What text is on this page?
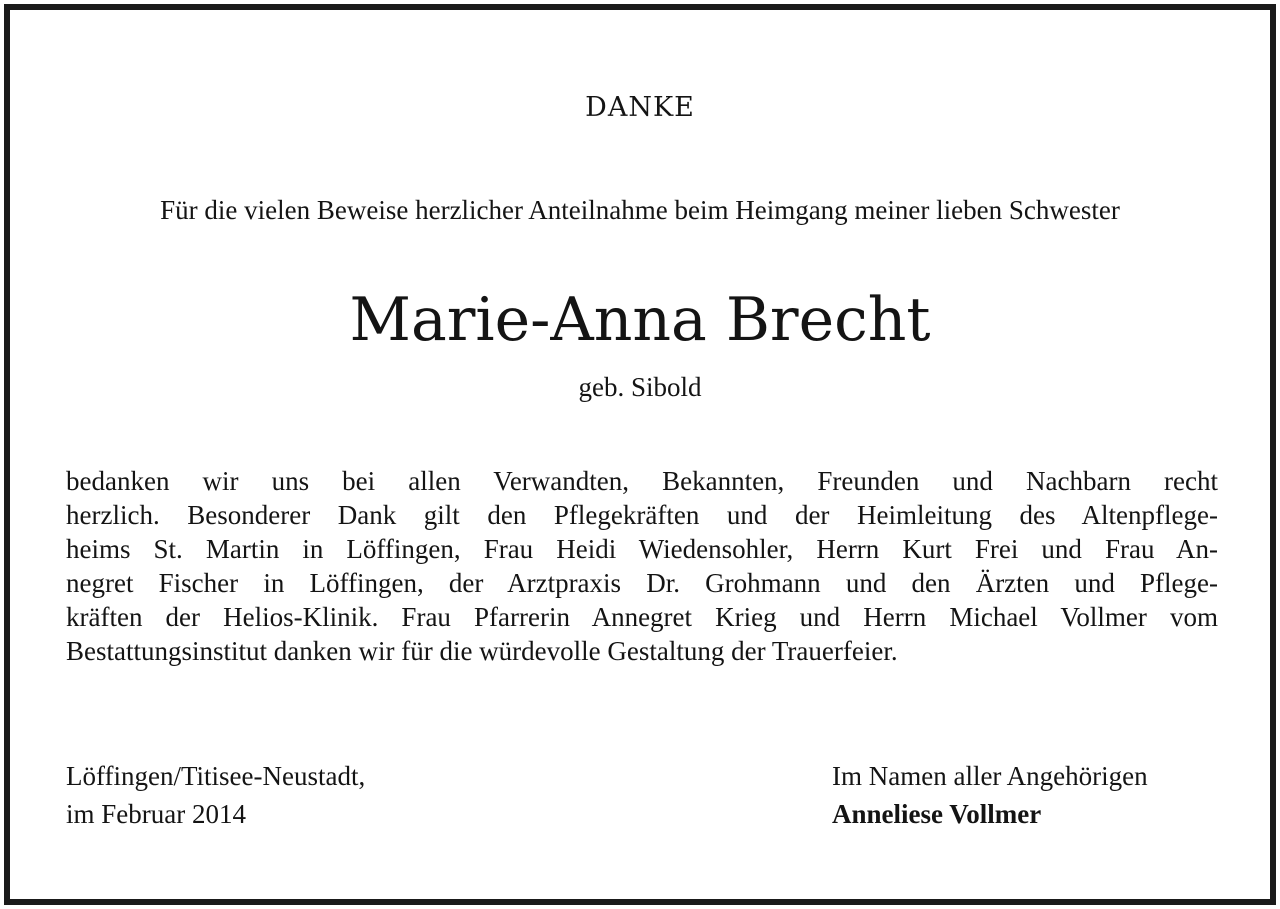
DANKE
Für die vielen Beweise herzlicher Anteilnahme beim Heimgang meiner lieben Schwester
Marie-Anna Brecht
geb. Sibold
bedanken wir uns bei allen Verwandten, Bekannten, Freunden und Nachbarn recht
herzlich. Besonderer Dank gilt den Pflegekräften und der Heimleitung des Altenpflege-
heims St. Martin in Löffingen, Frau Heidi Wiedensohler, Herrn Kurt Frei und Frau An-
negret Fischer in Löffingen, der Arztpraxis Dr. Grohmann und den Ärzten und Pflege-
kräften der Helios-Klinik. Frau Pfarrerin Annegret Krieg und Herrn Michael Vollmer vom
Bestattungsinstitut danken wir für die würdevolle Gestaltung der Trauerfeier.
Löffingen/Titisee-Neustadt,
im Februar 2014
Im Namen aller Angehörigen
Anneliese Vollmer
